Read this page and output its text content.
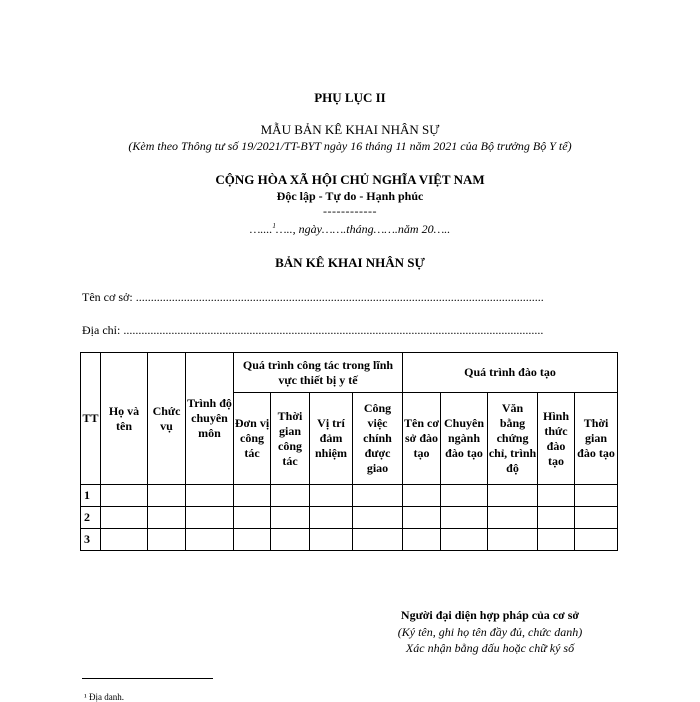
PHỤ LỤC II
MẪU BẢN KÊ KHAI NHÂN SỰ
(Kèm theo Thông tư số 19/2021/TT-BYT ngày 16 tháng 11 năm 2021 của Bộ trưởng Bộ Y tế)
CỘNG HÒA XÃ HỘI CHỦ NGHĨA VIỆT NAM
Độc lập - Tự do - Hạnh phúc
------------
…....$^1$….., ngày…….tháng…….năm 20…..
BẢN KÊ KHAI NHÂN SỰ
Tên cơ sở: ........................................................................................................................................
Địa chỉ: ............................................................................................................................................
TT	Họ và tên	Chức vụ	Trình độ chuyên môn	Quá trình công tác trong lĩnh vực thiết bị y tế				Quá trình đào tạo				
				Đơn vị công tác	Thời gian công tác	Vị trí đảm nhiệm	Công việc chính được giao	Tên cơ sở đào tạo	Chuyên ngành đào tạo	Văn bằng chứng chỉ, trình độ	Hình thức đào tạo	Thời gian đào tạo
1												
2												
3												
Người đại diện hợp pháp của cơ sở
(Ký tên, ghi họ tên đầy đủ, chức danh)
Xác nhận bằng dấu hoặc chữ ký số
¹ Địa danh.
